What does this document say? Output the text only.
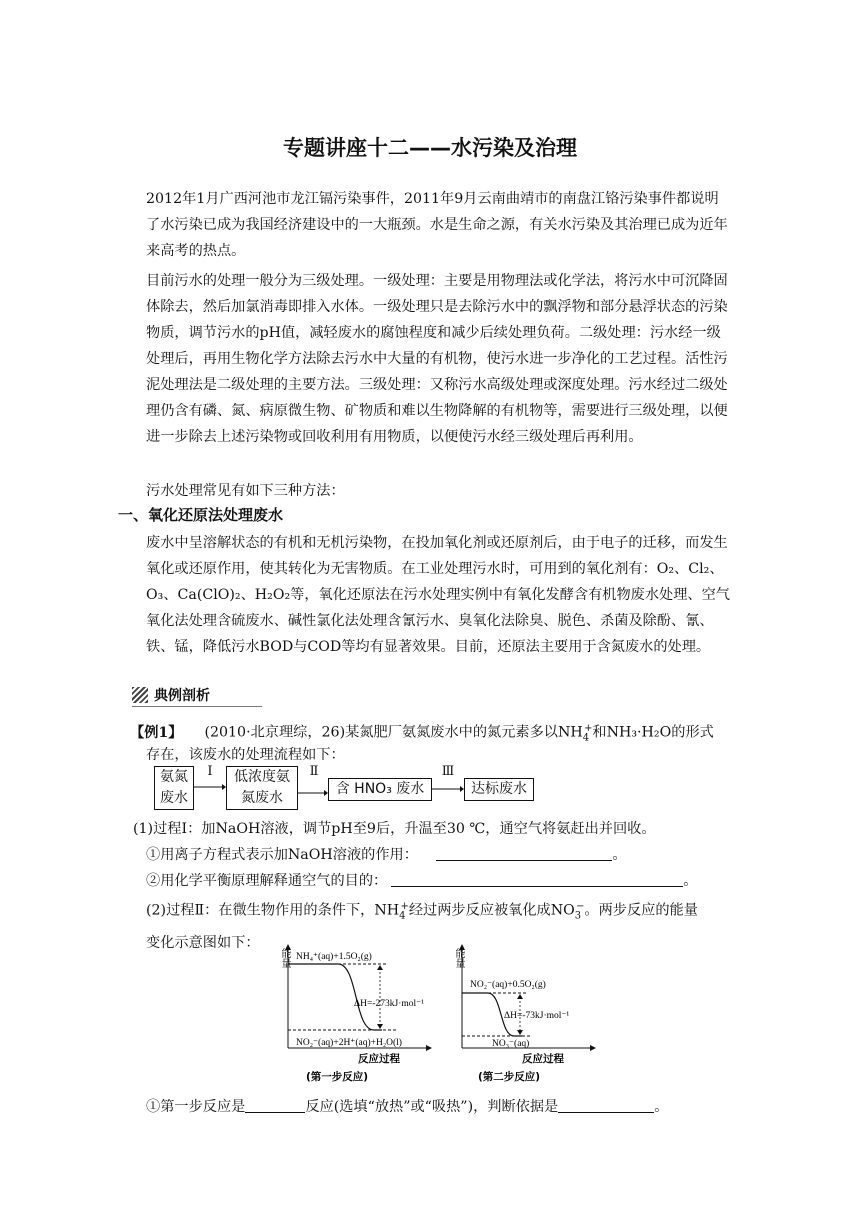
专题讲座十二——水污染及治理

2012年1月广西河池市龙江镉污染事件，2011年9月云南曲靖市的南盘江铬污染事件都说明了水污染已成为我国经济建设中的一大瓶颈。水是生命之源，有关水污染及其治理已成为近年来高考的热点。

目前污水的处理一般分为三级处理。一级处理：主要是用物理法或化学法，将污水中可沉降固体除去，然后加氯消毒即排入水体。一级处理只是去除污水中的飘浮物和部分悬浮状态的污染物质，调节污水的pH值，减轻废水的腐蚀程度和减少后续处理负荷。二级处理：污水经一级处理后，再用生物化学方法除去污水中大量的有机物，使污水进一步净化的工艺过程。活性污泥处理法是二级处理的主要方法。三级处理：又称污水高级处理或深度处理。污水经过二级处理仍含有磷、氮、病原微生物、矿物质和难以生物降解的有机物等，需要进行三级处理，以便进一步除去上述污染物或回收利用有用物质，以便使污水经三级处理后再利用。

污水处理常见有如下三种方法：

一、氧化还原法处理废水

废水中呈溶解状态的有机和无机污染物，在投加氧化剂或还原剂后，由于电子的迁移，而发生氧化或还原作用，使其转化为无害物质。在工业处理污水时，可用到的氧化剂有：O₂、Cl₂、O₃、Ca(ClO)₂、H₂O₂等，氧化还原法在污水处理实例中有氧化发酵含有机物废水处理、空气氧化法处理含硫废水、碱性氯化法处理含氰污水、臭氧化法除臭、脱色、杀菌及除酚、氰、铁、锰，降低污水BOD与COD等均有显著效果。目前，还原法主要用于含氮废水的处理。

典例剖析
【例1】 (2010·北京理综，26)某氮肥厂氨氮废水中的氮元素多以$NH_4^+$和NH₃·H₂O的形式
存在，该废水的处理流程如下：
氨氮
废水
Ⅰ	低浓度氨
氮废水
Ⅱ
含 HNO₃ 废水
Ⅲ
达标废水
(1)过程Ⅰ：加NaOH溶液，调节pH至9后，升温至30 ℃，通空气将氨赶出并回收。
①用离子方程式表示加NaOH溶液的作用：	。
②用化学平衡原理解释通空气的目的：	。
(2)过程Ⅱ：在微生物作用的条件下，$NH_4^+$经过两步反应被氧化成$NO_3^-$。两步反应的能量
变化示意图如下：
能量 NH₄⁺(aq)+1.5O₂(g)
ΔH=-273kJ·mol⁻¹
NO₂⁻(aq)+2H⁺(aq)+H₂O(l)
反应过程
(第一步反应)
能量
NO₂⁻(aq)+0.5O₂(g)
ΔH=-73kJ·mol⁻¹
NO₃⁻(aq)
反应过程
(第二步反应)
①第一步反应是	反应(选填“放热”或“吸热”)，判断依据是	。
